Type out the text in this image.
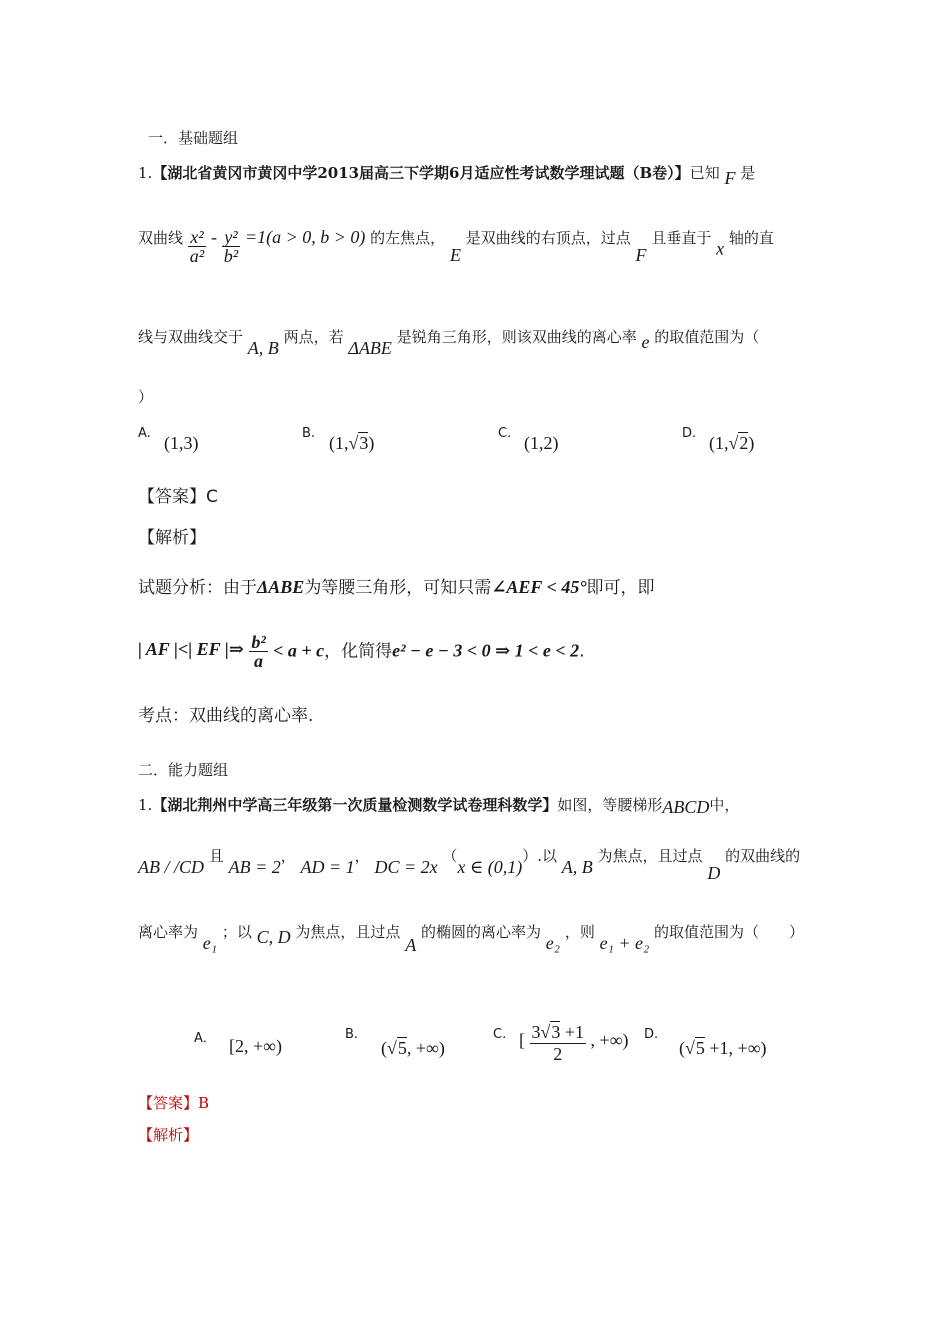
一．基础题组
1.【湖北省黄冈市黄冈中学2013届高三下学期6月适应性考试数学理试题（B卷）】已知 F 是
双曲线 $\frac{\text{x²}}{\text{a²}} - \frac{\text{y²}}{\text{b²}} =1(a > 0$, b > 0) 的左焦点， E 是双曲线的右顶点，过点 F 且垂直于 x 轴的直
线与双曲线交于 A, B 两点，若 ΔABE 是锐角三角形，则该双曲线的离心率 e 的取值范围为（
）
A. (1,3)	B. (1,√3)	C. (1,2)	D. (1,√2)
【答案】C
【解析】
试题分析：由于ΔABE为等腰三角形，可知只需∠AEF < 45°即可，即
| AF |<| EF |⇒ $\frac{\text{b²}}{a} < a + c$，化简得e² − e − 3 < 0 ⇒ 1 < e < 2.
考点：双曲线的离心率.
二．能力题组
1.【湖北荆州中学高三年级第一次质量检测数学试卷理科数学】如图，等腰梯形ABCD中，
AB / /CD 且 AB = 2， AD = 1， DC = 2x （x ∈ (0,1)）.以 A, B 为焦点，且过点 D 的双曲线的
离心率为 e₁ ；以 C, D 为焦点，且过点 A 的椭圆的离心率为 e₂ ，则 e₁ + e₂ 的取值范围为（　　）
A． [2, +∞)
B.
(√5, +∞)
C. [ $\frac{3√3 +1}{2}$ , +∞) D.
(√5 +1, +∞)
【答案】B
【解析】
